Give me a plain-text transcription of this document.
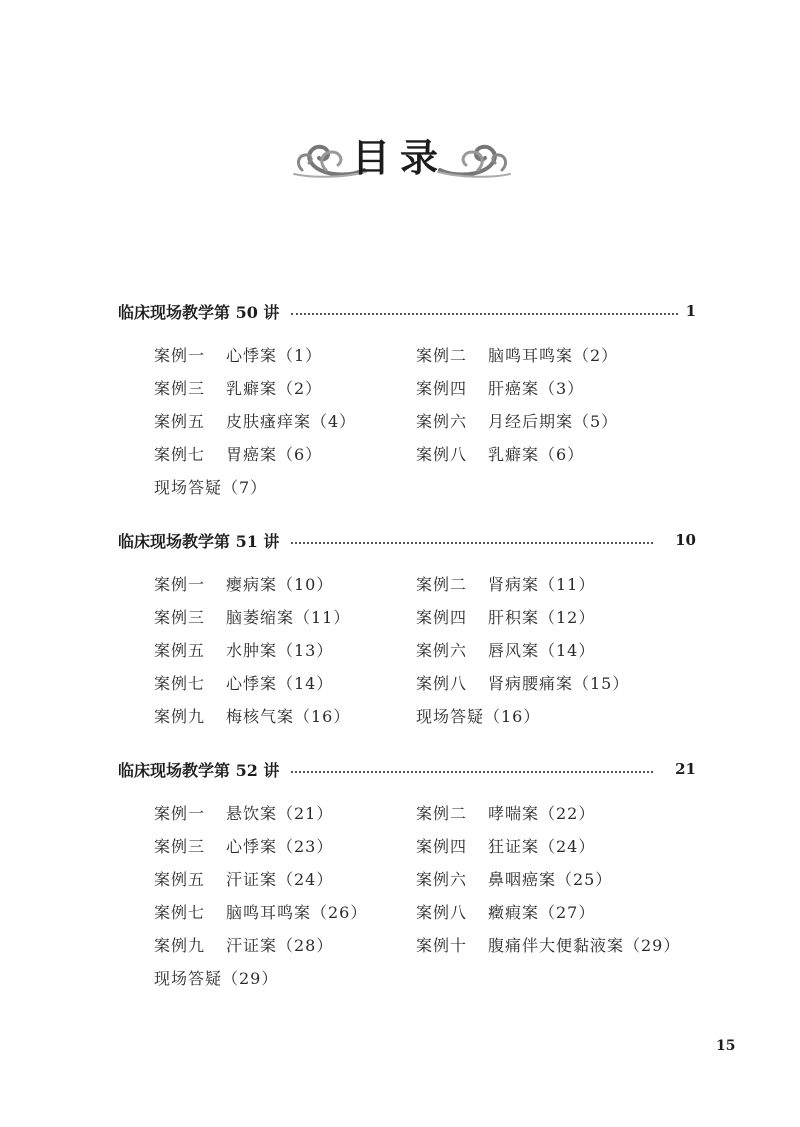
目录
临床现场教学第 50 讲	1
案例一	心悸案（1）	案例二	脑鸣耳鸣案（2）
案例三	乳癖案（2）	案例四	肝癌案（3）
案例五	皮肤瘙痒案（4）	案例六	月经后期案（5）
案例七	胃癌案（6）	案例八	乳癖案（6）
现场答疑（7）
临床现场教学第 51 讲	10
案例一	瘿病案（10）	案例二	肾病案（11）
案例三	脑萎缩案（11）	案例四	肝积案（12）
案例五	水肿案（13）	案例六	唇风案（14）
案例七	心悸案（14）	案例八	肾病腰痛案（15）
案例九	梅核气案（16）	现场答疑（16）
临床现场教学第 52 讲	21
案例一	悬饮案（21）	案例二	哮喘案（22）
案例三	心悸案（23）	案例四	狂证案（24）
案例五	汗证案（24）	案例六	鼻咽癌案（25）
案例七	脑鸣耳鸣案（26）	案例八	癥瘕案（27）
案例九	汗证案（28）	案例十	腹痛伴大便黏液案（29）
现场答疑（29）
15
